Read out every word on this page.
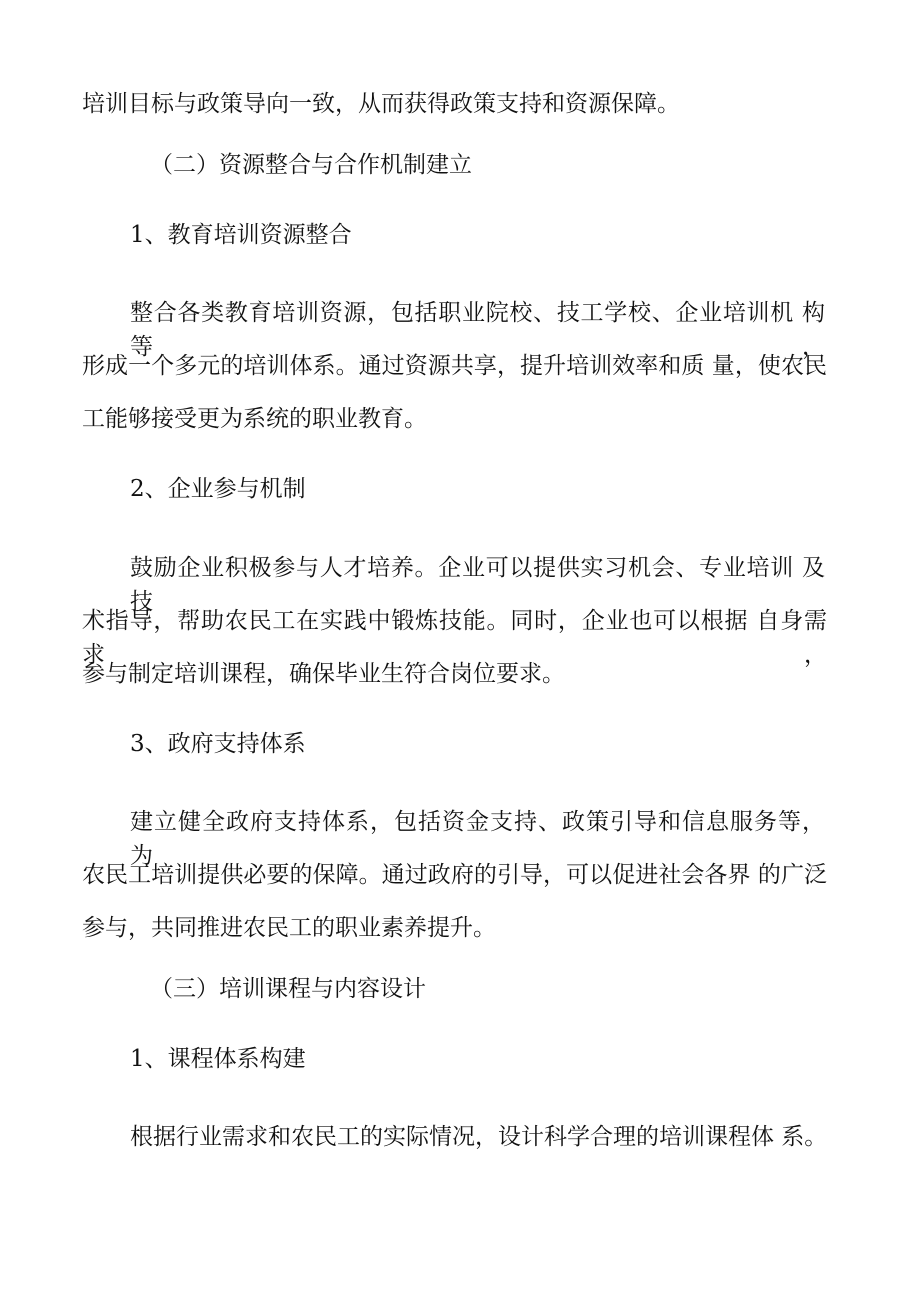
培训目标与政策导向一致，从而获得政策支持和资源保障。
（二）资源整合与合作机制建立
1、教育培训资源整合
整合各类教育培训资源，包括职业院校、技工学校、企业培训机 构等，
形成一个多元的培训体系。通过资源共享，提升培训效率和质 量，使农民
工能够接受更为系统的职业教育。
2、企业参与机制
鼓励企业积极参与人才培养。企业可以提供实习机会、专业培训 及技
术指导，帮助农民工在实践中锻炼技能。同时，企业也可以根据 自身需求，
参与制定培训课程，确保毕业生符合岗位要求。
3、政府支持体系
建立健全政府支持体系，包括资金支持、政策引导和信息服务等， 为
农民工培训提供必要的保障。通过政府的引导，可以促进社会各界 的广泛
参与，共同推进农民工的职业素养提升。
（三）培训课程与内容设计
1、课程体系构建
根据行业需求和农民工的实际情况，设计科学合理的培训课程体 系。
